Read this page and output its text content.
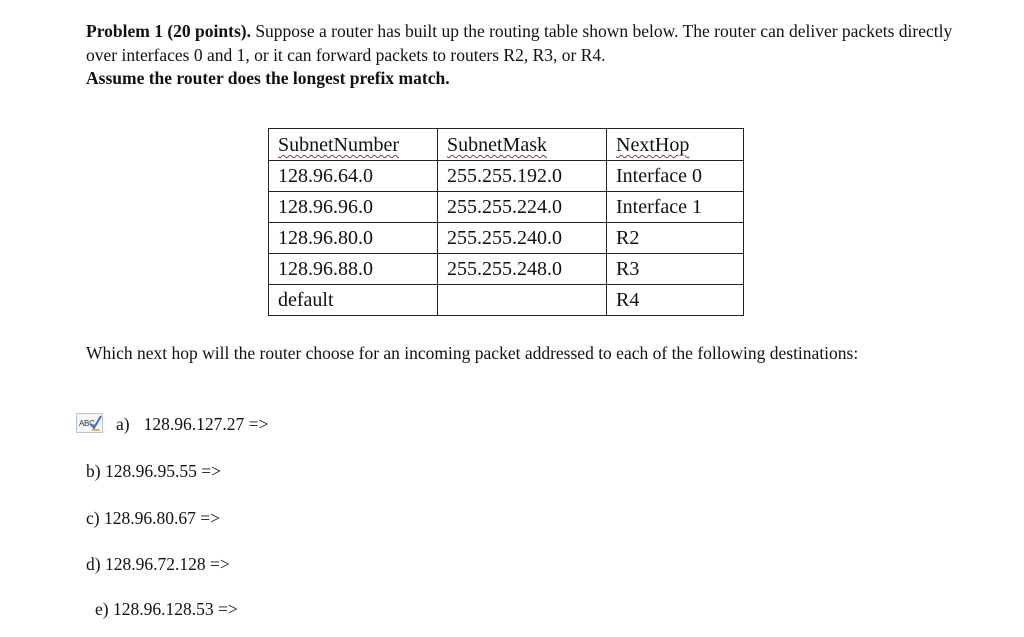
Problem 1 (20 points). Suppose a router has built up the routing table shown below. The router can deliver packets directly over interfaces 0 and 1, or it can forward packets to routers R2, R3, or R4.
Assume the router does the longest prefix match.
SubnetNumber	SubnetMask	NextHop
128.96.64.0	255.255.192.0	Interface 0
128.96.96.0	255.255.224.0	Interface 1
128.96.80.0	255.255.240.0	R2
128.96.88.0	255.255.248.0	R3
default		R4
Which next hop will the router choose for an incoming packet addressed to each of the following destinations:
ABC a) 128.96.127.27 =>
b) 128.96.95.55 =>
c) 128.96.80.67 =>
d) 128.96.72.128 =>
e) 128.96.128.53 =>
